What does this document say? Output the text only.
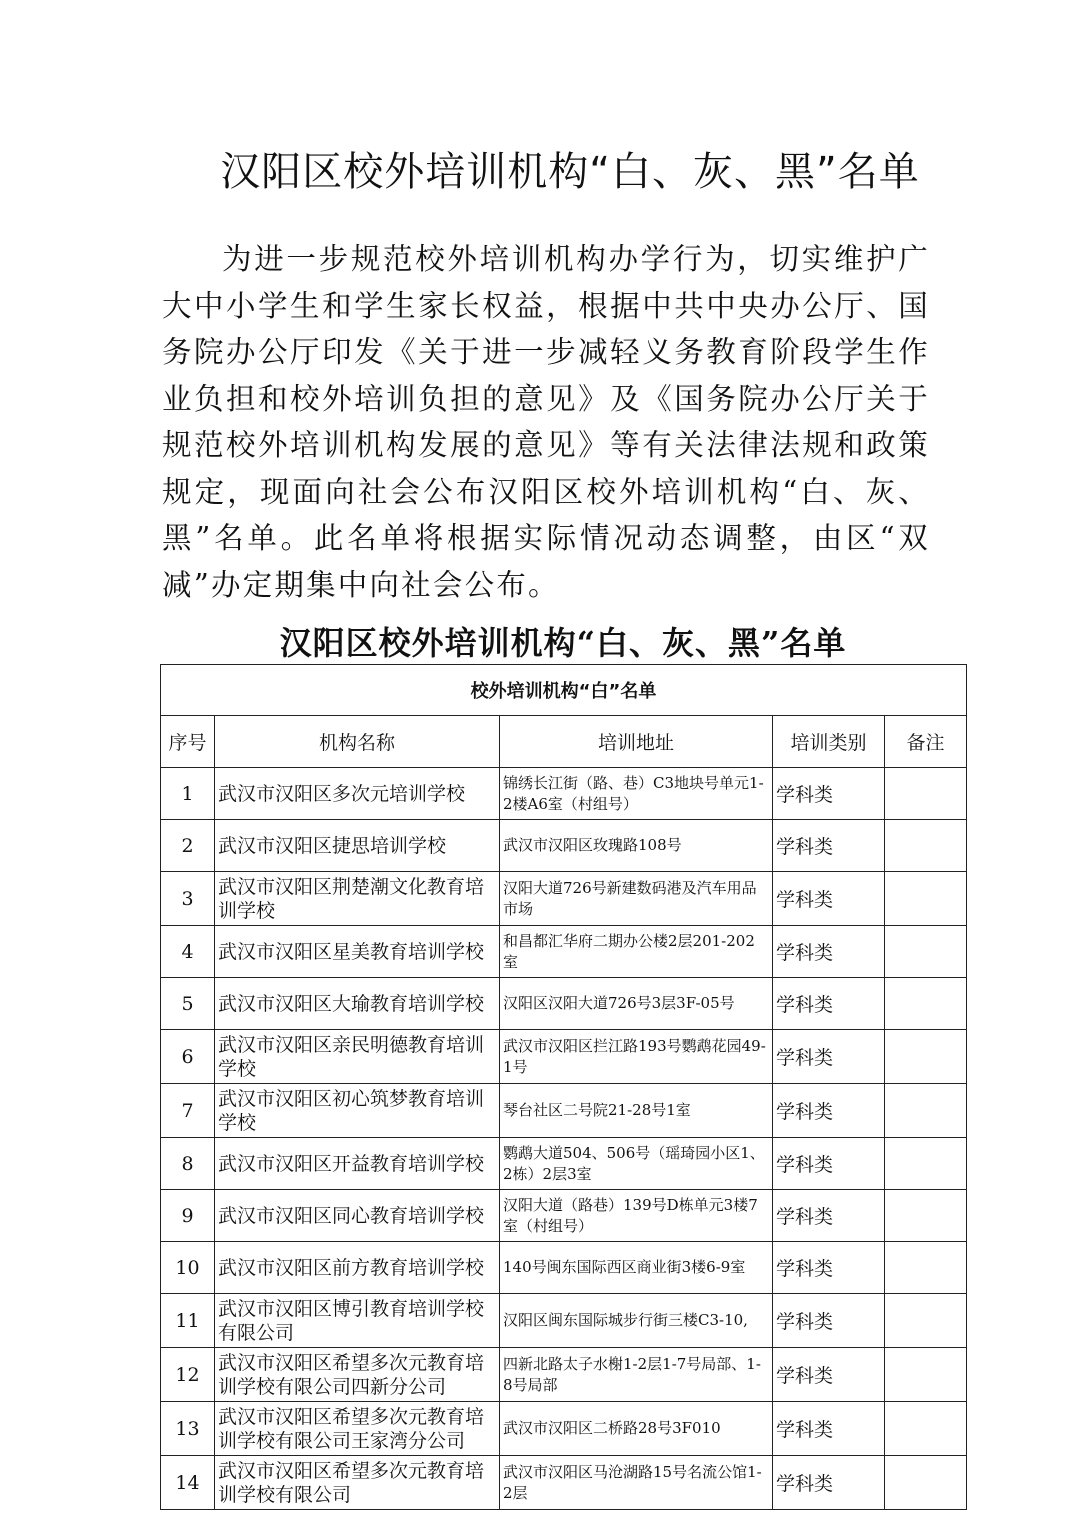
汉阳区校外培训机构“白、灰、黑”名单

为进一步规范校外培训机构办学行为，切实维护广大中小学生和学生家长权益，根据中共中央办公厅、国务院办公厅印发《关于进一步减轻义务教育阶段学生作业负担和校外培训负担的意见》及《国务院办公厅关于规范校外培训机构发展的意见》等有关法律法规和政策规定，现面向社会公布汉阳区校外培训机构“白、灰、黑”名单。此名单将根据实际情况动态调整，由区“双减”办定期集中向社会公布。

汉阳区校外培训机构“白、灰、黑”名单
校外培训机构“白”名单				
序号	机构名称	培训地址	培训类别	备注
1	武汉市汉阳区多次元培训学校	锦绣长江街（路、巷）C3地块号单元1-2楼A6室（村组号）	学科类	
2	武汉市汉阳区捷思培训学校	武汉市汉阳区玫瑰路108号	学科类	
3	武汉市汉阳区荆楚潮文化教育培训学校	汉阳大道726号新建数码港及汽车用品市场	学科类	
4	武汉市汉阳区星美教育培训学校	和昌都汇华府二期办公楼2层201-202室	学科类	
5	武汉市汉阳区大瑜教育培训学校	汉阳区汉阳大道726号3层3F-05号	学科类	
6	武汉市汉阳区亲民明德教育培训学校	武汉市汉阳区拦江路193号鹦鹉花园49-1号	学科类	
7	武汉市汉阳区初心筑梦教育培训学校	琴台社区二号院21-28号1室	学科类	
8	武汉市汉阳区开益教育培训学校	鹦鹉大道504、506号（瑶琦园小区1、2栋）2层3室	学科类	
9	武汉市汉阳区同心教育培训学校	汉阳大道（路巷）139号D栋单元3楼7室（村组号）	学科类	
10	武汉市汉阳区前方教育培训学校	140号闽东国际西区商业街3楼6-9室	学科类	
11	武汉市汉阳区博引教育培训学校有限公司	汉阳区闽东国际城步行街三楼C3-10,	学科类	
12	武汉市汉阳区希望多次元教育培训学校有限公司四新分公司	四新北路太子水榭1-2层1-7号局部、1-8号局部	学科类	
13	武汉市汉阳区希望多次元教育培训学校有限公司王家湾分公司	武汉市汉阳区二桥路28号3F010	学科类	
14	武汉市汉阳区希望多次元教育培训学校有限公司	武汉市汉阳区马沧湖路15号名流公馆1-2层	学科类	
